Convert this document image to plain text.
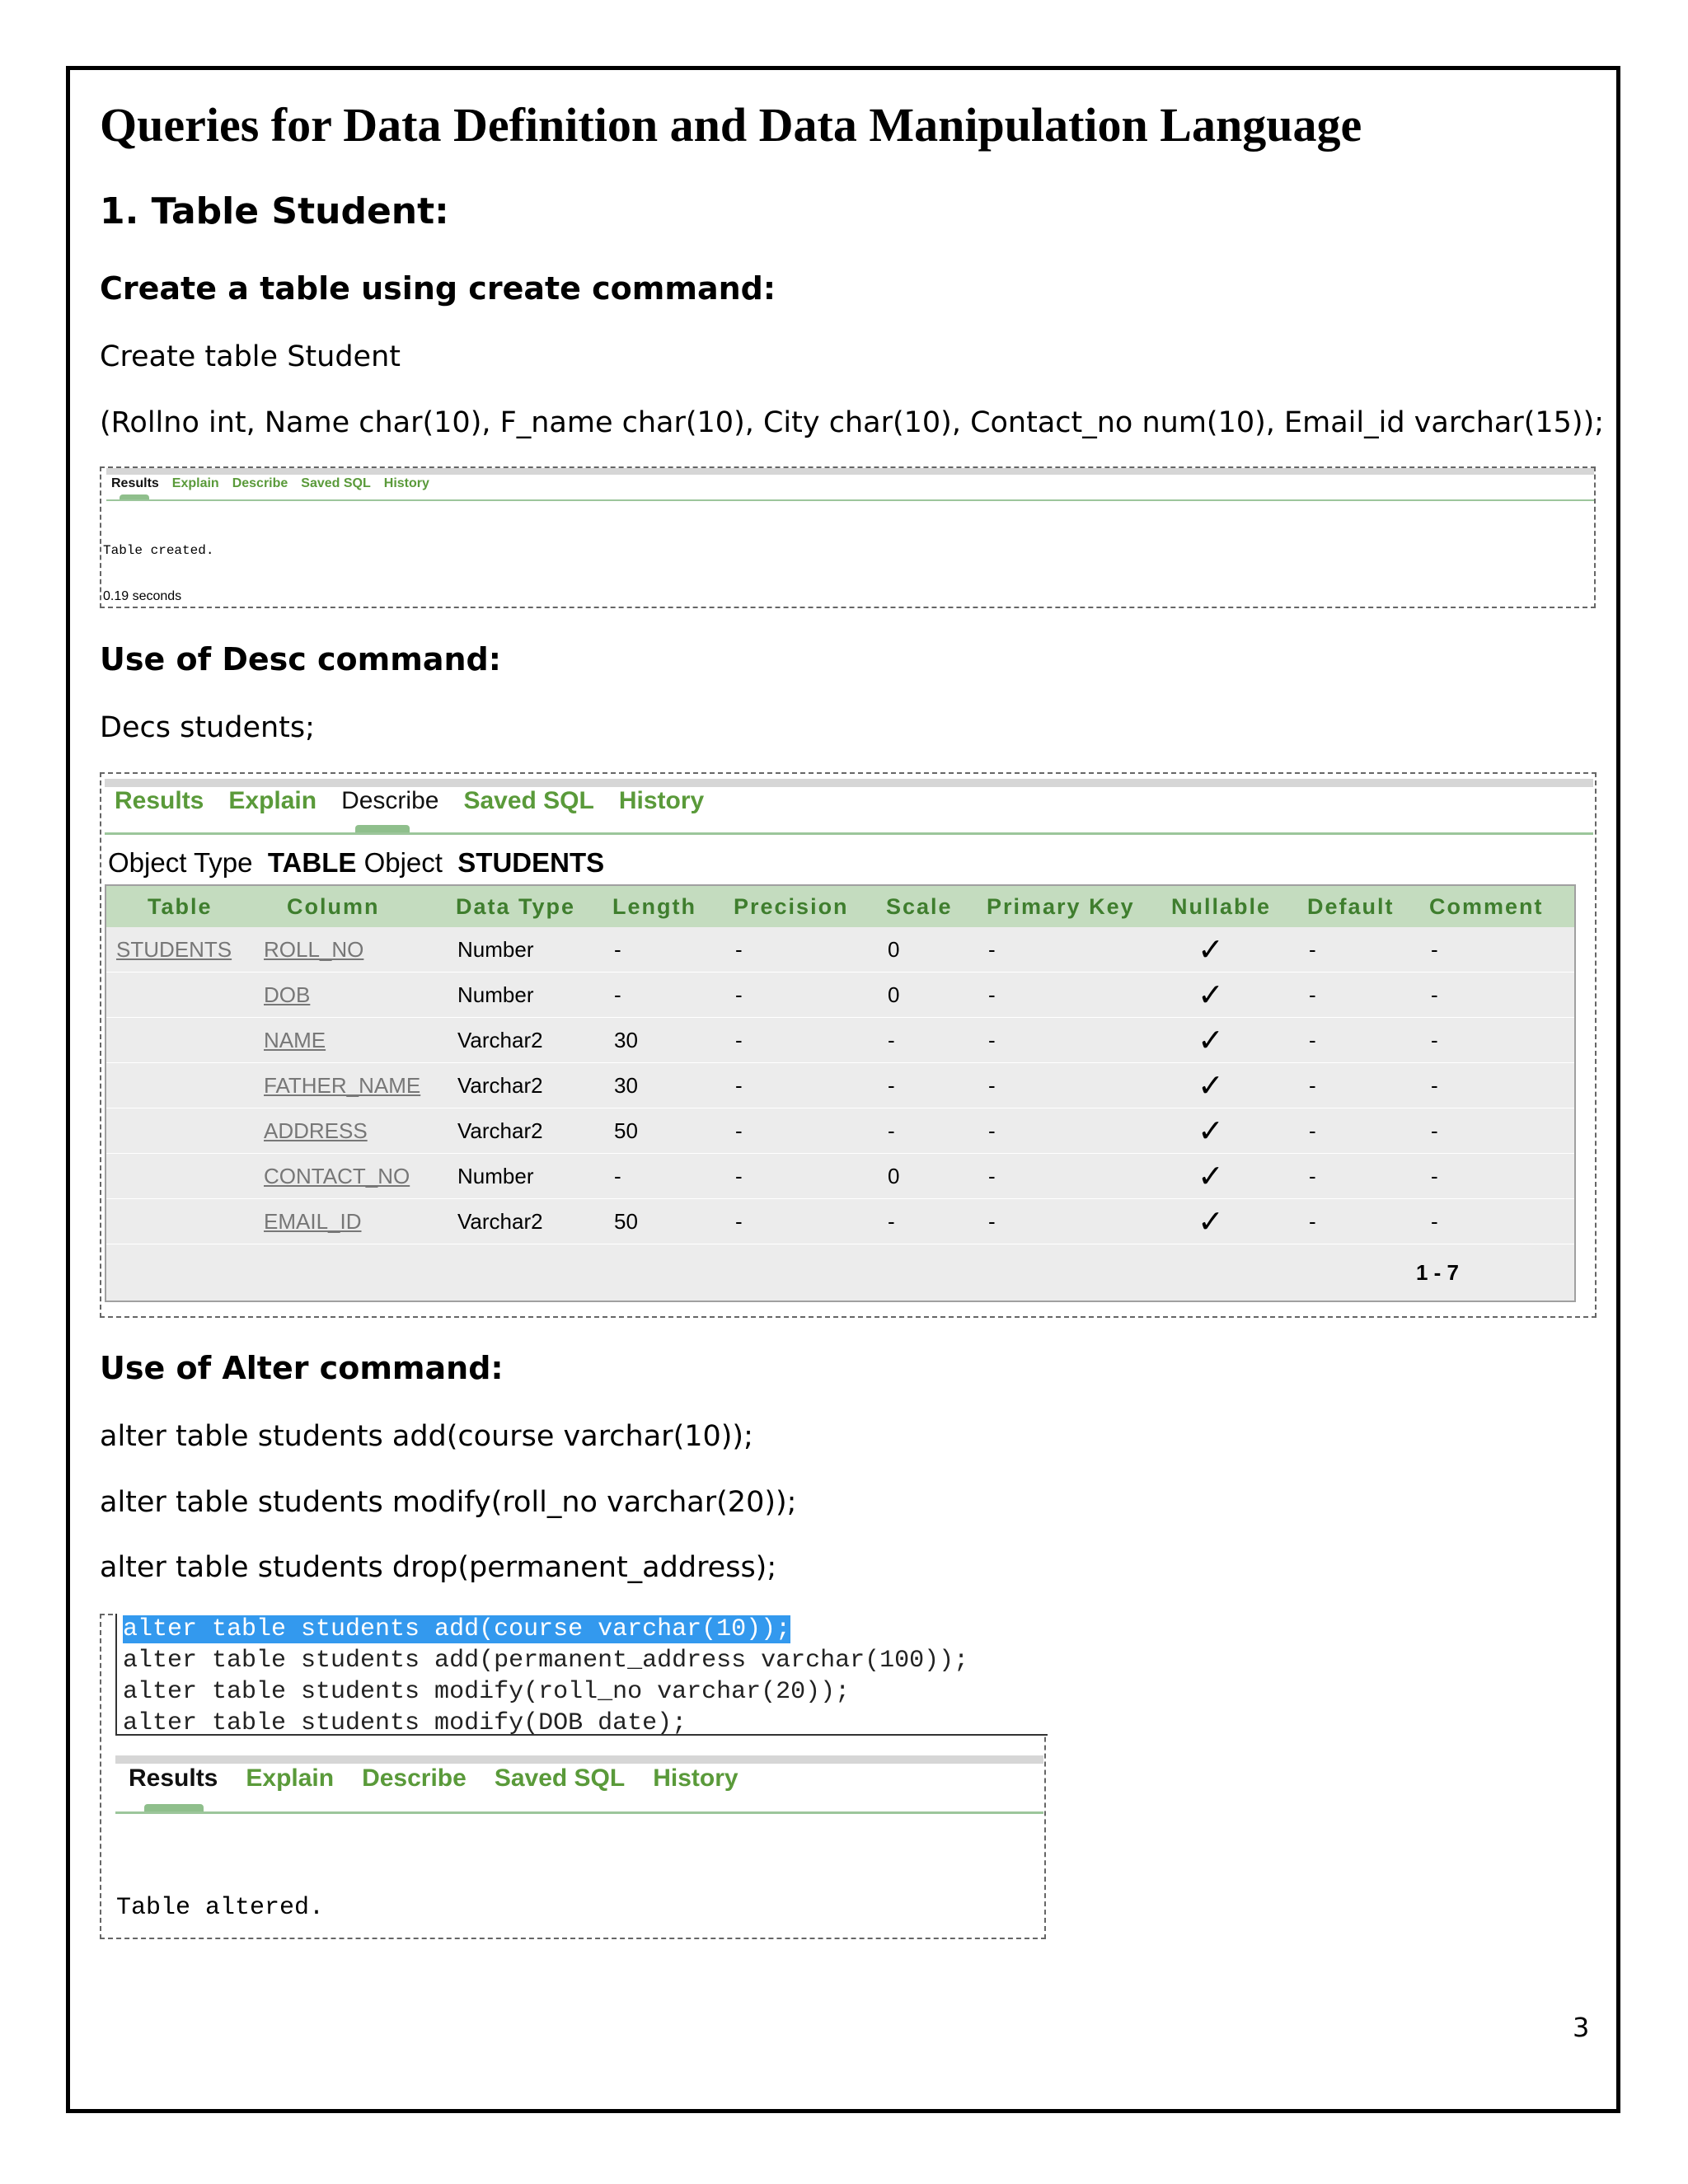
Queries for Data Definition and Data Manipulation Language
1. Table Student:
Create a table using create command:
Create table Student
(Rollno int, Name char(10), F_name char(10), City char(10), Contact_no num(10), Email_id varchar(15));
Results Explain Describe Saved SQL History
Table created.
0.19 seconds
Use of Desc command:
Decs students;
Results Explain Describe Saved SQL History
Object Type TABLE Object STUDENTS
Table	Column	Data Type	Length	Precision	Scale	Primary Key	Nullable	Default	Comment
STUDENTS	ROLL_NO	Number	-	-	0	-	✓	-	-
	DOB	Number	-	-	0	-	✓	-	-
	NAME	Varchar2	30	-	-	-	✓	-	-
	FATHER_NAME	Varchar2	30	-	-	-	✓	-	-
	ADDRESS	Varchar2	50	-	-	-	✓	-	-
	CONTACT_NO	Number	-	-	0	-	✓	-	-
	EMAIL_ID	Varchar2	50	-	-	-	✓	-	-
1 - 7									
Use of Alter command:
alter table students add(course varchar(10));
alter table students modify(roll_no varchar(20));
alter table students drop(permanent_address);
alter table students add(course varchar(10));
alter table students add(permanent_address varchar(100));
alter table students modify(roll_no varchar(20));
alter table students modify(DOB date);
Results Explain Describe Saved SQL History
Table altered.
3
